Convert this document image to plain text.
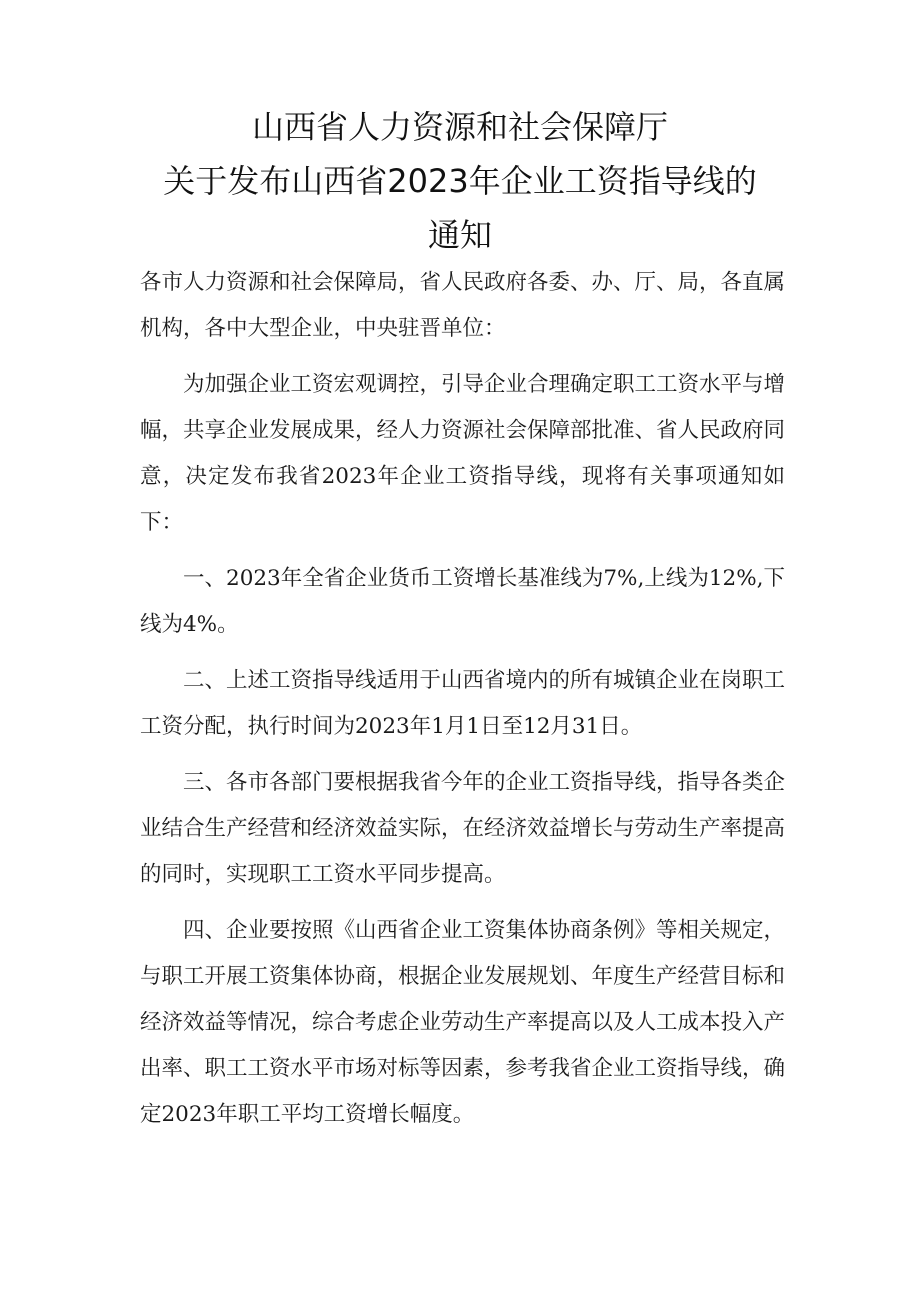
山西省人力资源和社会保障厅
关于发布山西省2023年企业工资指导线的
通知

各市人力资源和社会保障局，省人民政府各委、办、厅、局，各直属机构，各中大型企业，中央驻晋单位：

为加强企业工资宏观调控，引导企业合理确定职工工资水平与增幅，共享企业发展成果，经人力资源社会保障部批准、省人民政府同意，决定发布我省2023年企业工资指导线，现将有关事项通知如下：

一、2023年全省企业货币工资增长基准线为7%,上线为12%,下线为4%。

二、上述工资指导线适用于山西省境内的所有城镇企业在岗职工工资分配，执行时间为2023年1月1日至12月31日。

三、各市各部门要根据我省今年的企业工资指导线，指导各类企业结合生产经营和经济效益实际，在经济效益增长与劳动生产率提高的同时，实现职工工资水平同步提高。

四、企业要按照《山西省企业工资集体协商条例》等相关规定，与职工开展工资集体协商，根据企业发展规划、年度生产经营目标和经济效益等情况，综合考虑企业劳动生产率提高以及人工成本投入产出率、职工工资水平市场对标等因素，参考我省企业工资指导线，确定2023年职工平均工资增长幅度。
